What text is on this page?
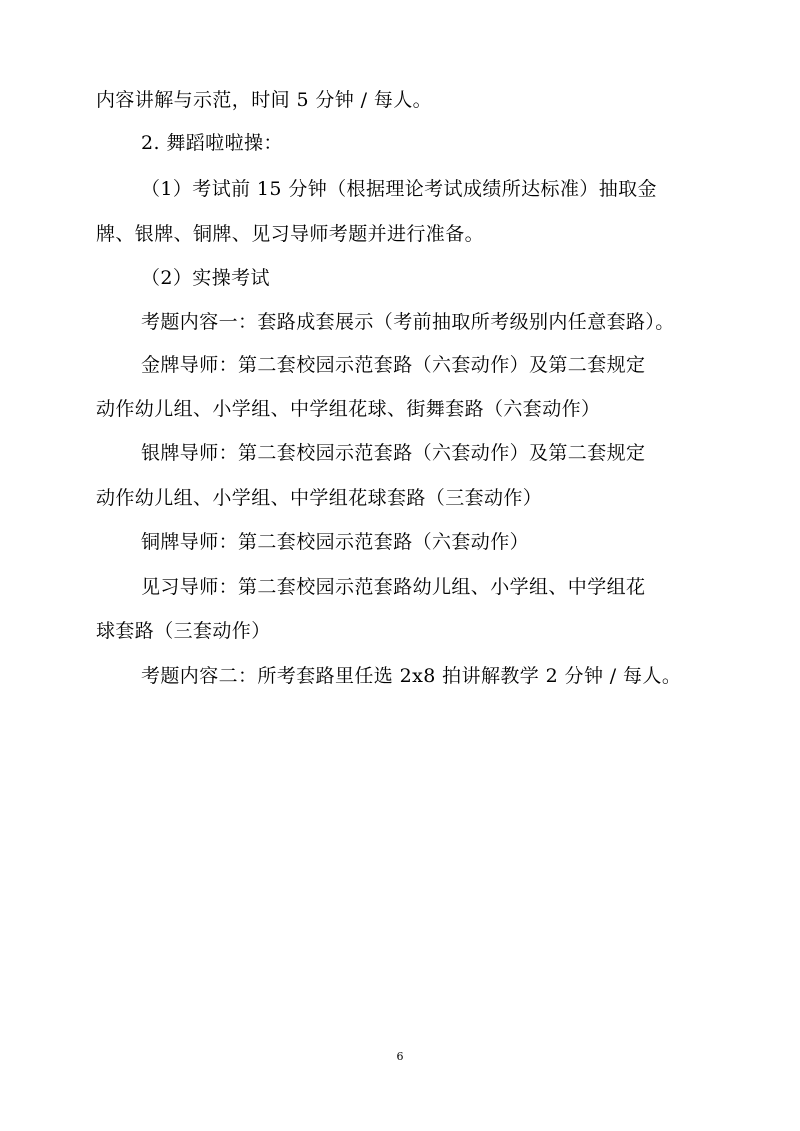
内容讲解与示范，时间 5 分钟 / 每人。
2. 舞蹈啦啦操：
（1）考试前 15 分钟（根据理论考试成绩所达标准）抽取金
牌、银牌、铜牌、见习导师考题并进行准备。
（2）实操考试
考题内容一：套路成套展示（考前抽取所考级别内任意套路）。
金牌导师：第二套校园示范套路（六套动作）及第二套规定
动作幼儿组、小学组、中学组花球、街舞套路（六套动作）
银牌导师：第二套校园示范套路（六套动作）及第二套规定
动作幼儿组、小学组、中学组花球套路（三套动作）
铜牌导师：第二套校园示范套路（六套动作）
见习导师：第二套校园示范套路幼儿组、小学组、中学组花
球套路（三套动作）
考题内容二：所考套路里任选 2x8 拍讲解教学 2 分钟 / 每人。
6
